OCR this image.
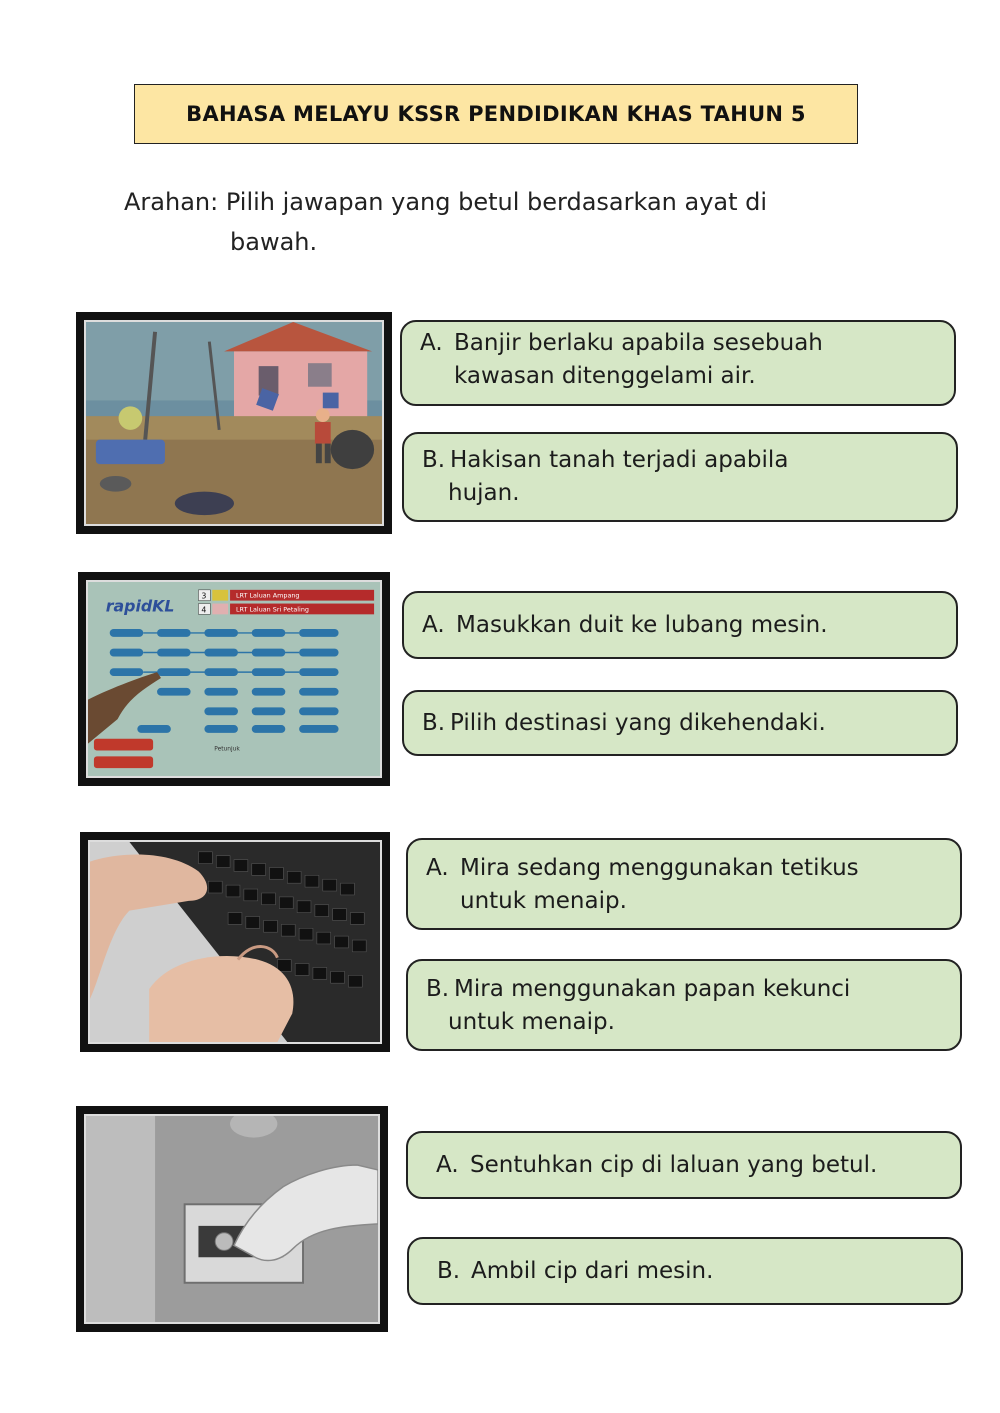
BAHASA MELAYU KSSR PENDIDIKAN KHAS TAHUN 5
Arahan: Pilih jawapan yang betul berdasarkan ayat di
bawah.
A. Banjir berlaku apabila sesebuah
kawasan ditenggelami air.
B. Hakisan tanah terjadi apabila
hujan.
rapidKL
3
4
LRT Laluan Ampang
LRT Laluan Sri Petaling
Petunjuk
A. Masukkan duit ke lubang mesin.
B. Pilih destinasi yang dikehendaki.
A. Mira sedang menggunakan tetikus
untuk menaip.
B. Mira menggunakan papan kekunci
untuk menaip.
A. Sentuhkan cip di laluan yang betul.
B. Ambil cip dari mesin.
